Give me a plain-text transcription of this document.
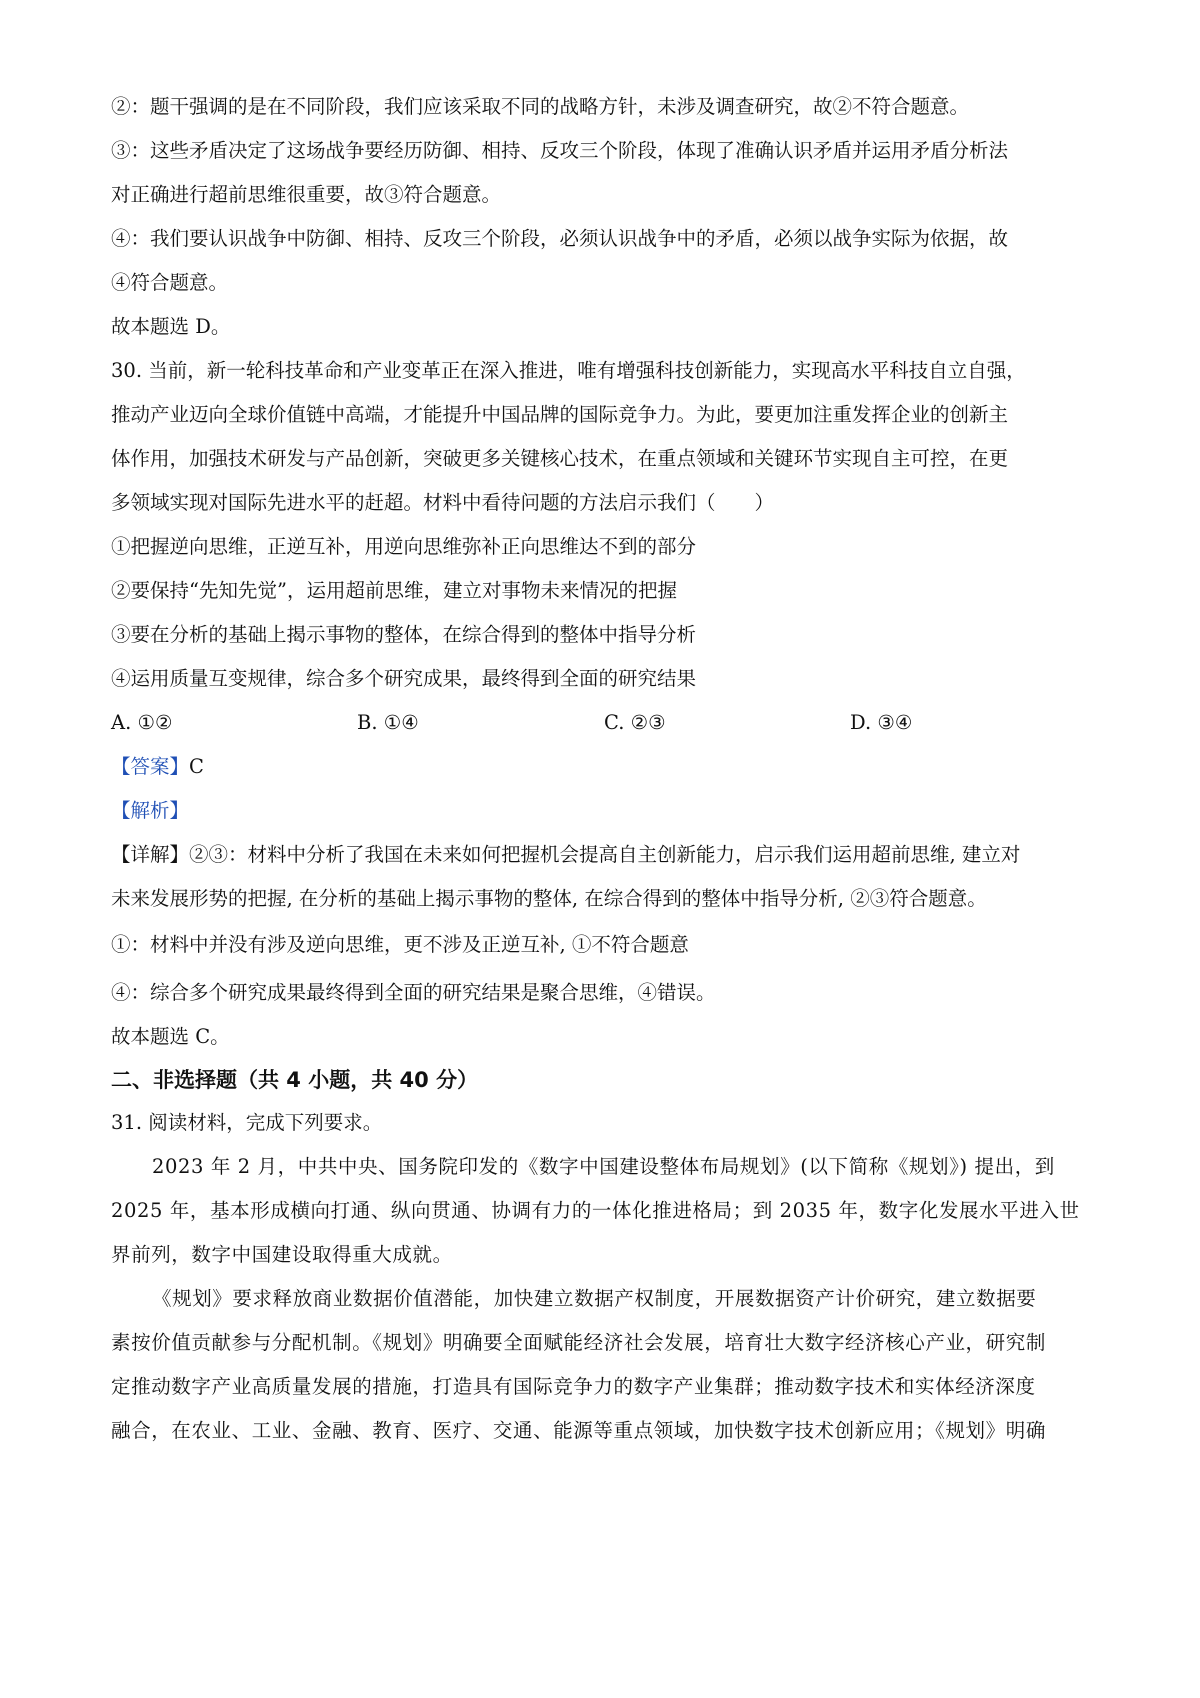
②：题干强调的是在不同阶段，我们应该采取不同的战略方针，未涉及调查研究，故②不符合题意。
③：这些矛盾决定了这场战争要经历防御、相持、反攻三个阶段，体现了准确认识矛盾并运用矛盾分析法
对正确进行超前思维很重要，故③符合题意。
④：我们要认识战争中防御、相持、反攻三个阶段，必须认识战争中的矛盾，必须以战争实际为依据，故
④符合题意。
故本题选 D。
30. 当前，新一轮科技革命和产业变革正在深入推进，唯有增强科技创新能力，实现高水平科技自立自强，
推动产业迈向全球价值链中高端，才能提升中国品牌的国际竞争力。为此，要更加注重发挥企业的创新主
体作用，加强技术研发与产品创新，突破更多关键核心技术，在重点领域和关键环节实现自主可控，在更
多领域实现对国际先进水平的赶超。材料中看待问题的方法启示我们（　　）
①把握逆向思维，正逆互补，用逆向思维弥补正向思维达不到的部分
②要保持“先知先觉”，运用超前思维，建立对事物未来情况的把握
③要在分析的基础上揭示事物的整体，在综合得到的整体中指导分析
④运用质量互变规律，综合多个研究成果，最终得到全面的研究结果
A. ①②	B. ①④	C. ②③	D. ③④
【答案】C
【解析】
【详解】②③：材料中分析了我国在未来如何把握机会提高自主创新能力，启示我们运用超前思维, 建立对
未来发展形势的把握, 在分析的基础上揭示事物的整体, 在综合得到的整体中指导分析, ②③符合题意。
①：材料中并没有涉及逆向思维，更不涉及正逆互补, ①不符合题意
④：综合多个研究成果最终得到全面的研究结果是聚合思维，④错误。
故本题选 C。
二、非选择题（共 4 小题，共 40 分）
31. 阅读材料，完成下列要求。
2023 年 2 月，中共中央、国务院印发的《数字中国建设整体布局规划》(以下简称《规划》) 提出，到
2025 年，基本形成横向打通、纵向贯通、协调有力的一体化推进格局；到 2035 年，数字化发展水平进入世
界前列，数字中国建设取得重大成就。
《规划》要求释放商业数据价值潜能，加快建立数据产权制度，开展数据资产计价研究，建立数据要
素按价值贡献参与分配机制。《规划》明确要全面赋能经济社会发展，培育壮大数字经济核心产业，研究制
定推动数字产业高质量发展的措施，打造具有国际竞争力的数字产业集群；推动数字技术和实体经济深度
融合，在农业、工业、金融、教育、医疗、交通、能源等重点领域，加快数字技术创新应用；《规划》明确
